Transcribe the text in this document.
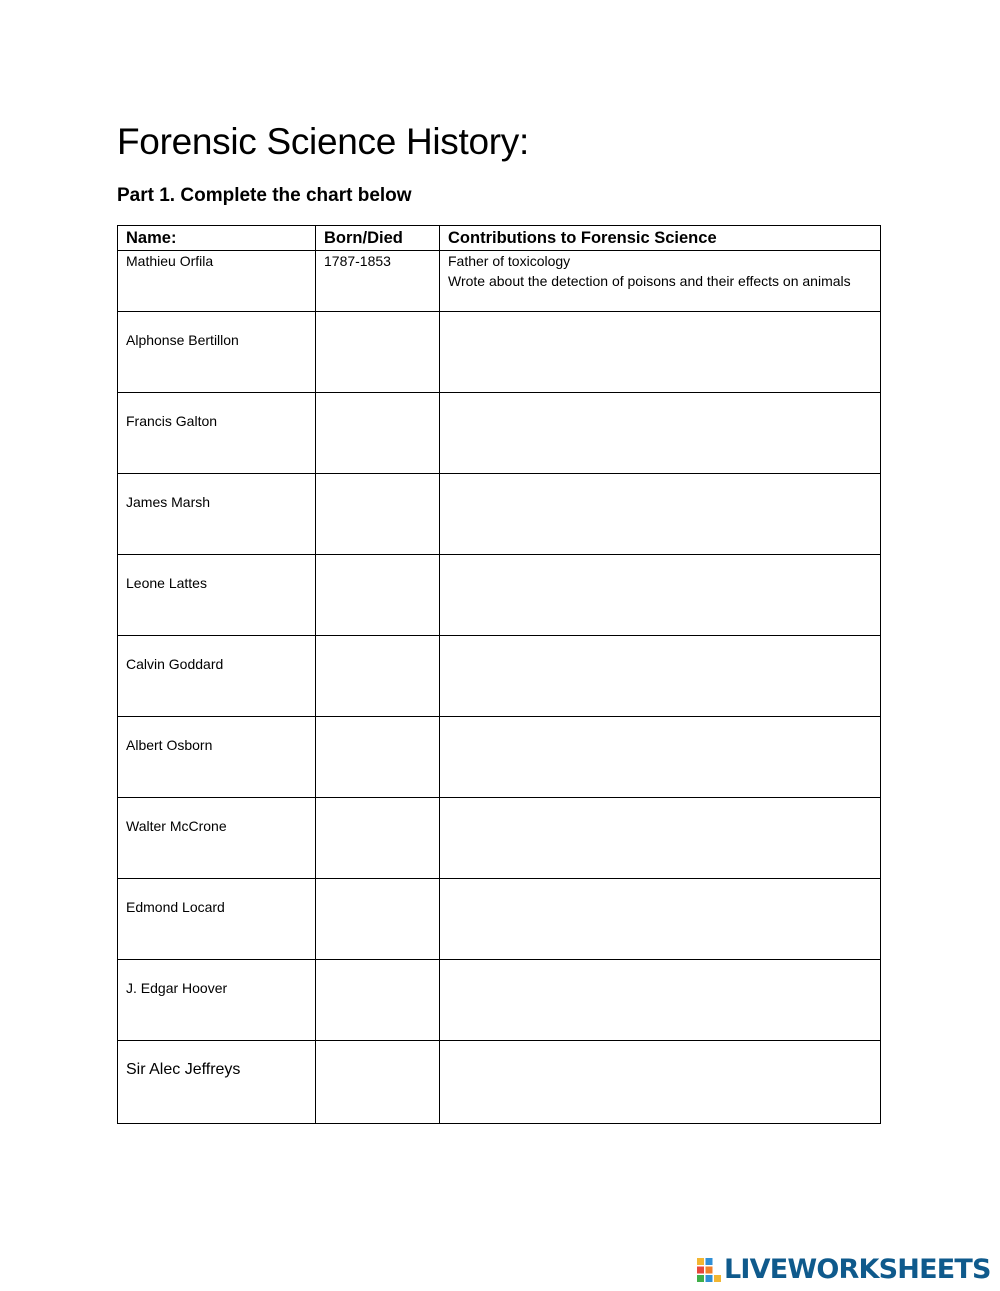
Forensic Science History:
Part 1. Complete the chart below
Name:	Born/Died	Contributions to Forensic Science
Mathieu Orfila	1787-1853	Father of toxicology
Wrote about the detection of poisons and their effects on animals

Alphonse Bertillon		
Francis Galton		
James Marsh		
Leone Lattes		
Calvin Goddard		
Albert Osborn		
Walter McCrone		
Edmond Locard		
J. Edgar Hoover		
Sir Alec Jeffreys		
LIVEWORKSHEETS
